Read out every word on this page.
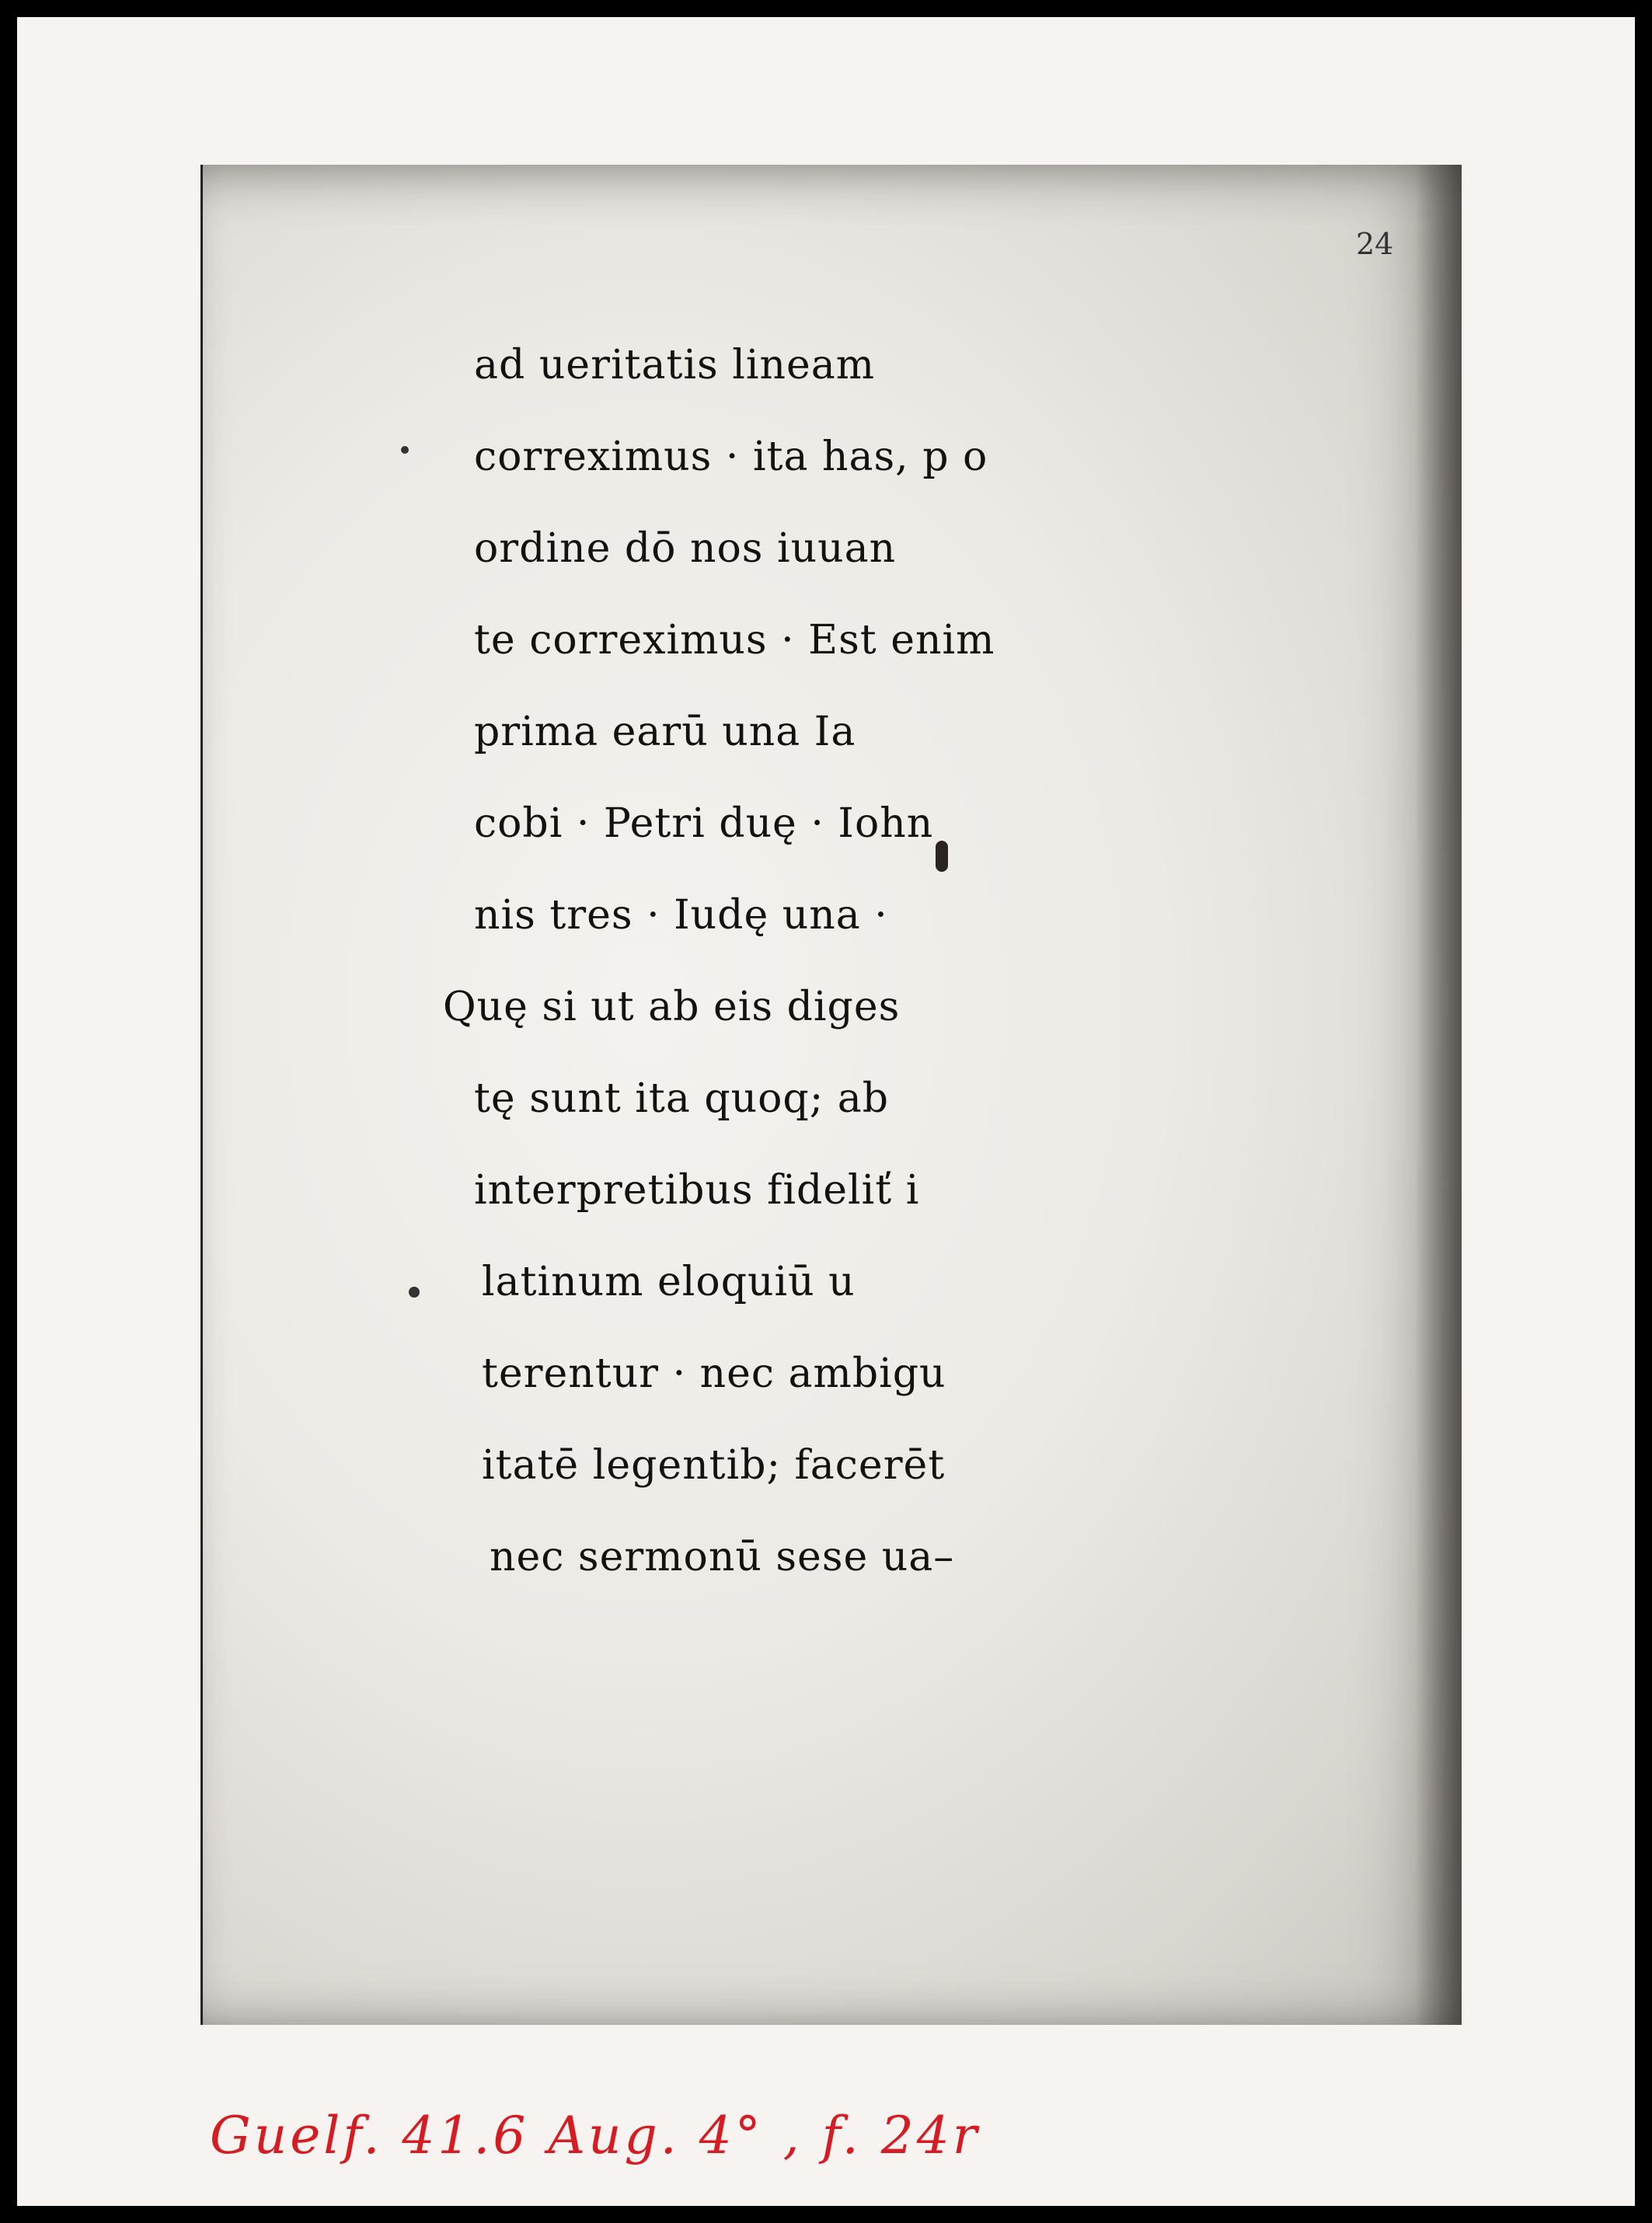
24
ad ueritatis lineam
correximus · ita has, p o
ordine dō nos iuuan
te correximus · Est enim
prima earū una Ia
cobi · Petri duę · Iohn
nis tres · Iudę una ·
Quę si ut ab eis diges
tę sunt ita quoq; ab
interpretibus fideliť i
latinum eloquiū u
terentur · nec ambigu
itatē legentib; facerēt
nec sermonū sese ua–
Guelf. 41.6 Aug. 4° , f. 24r
